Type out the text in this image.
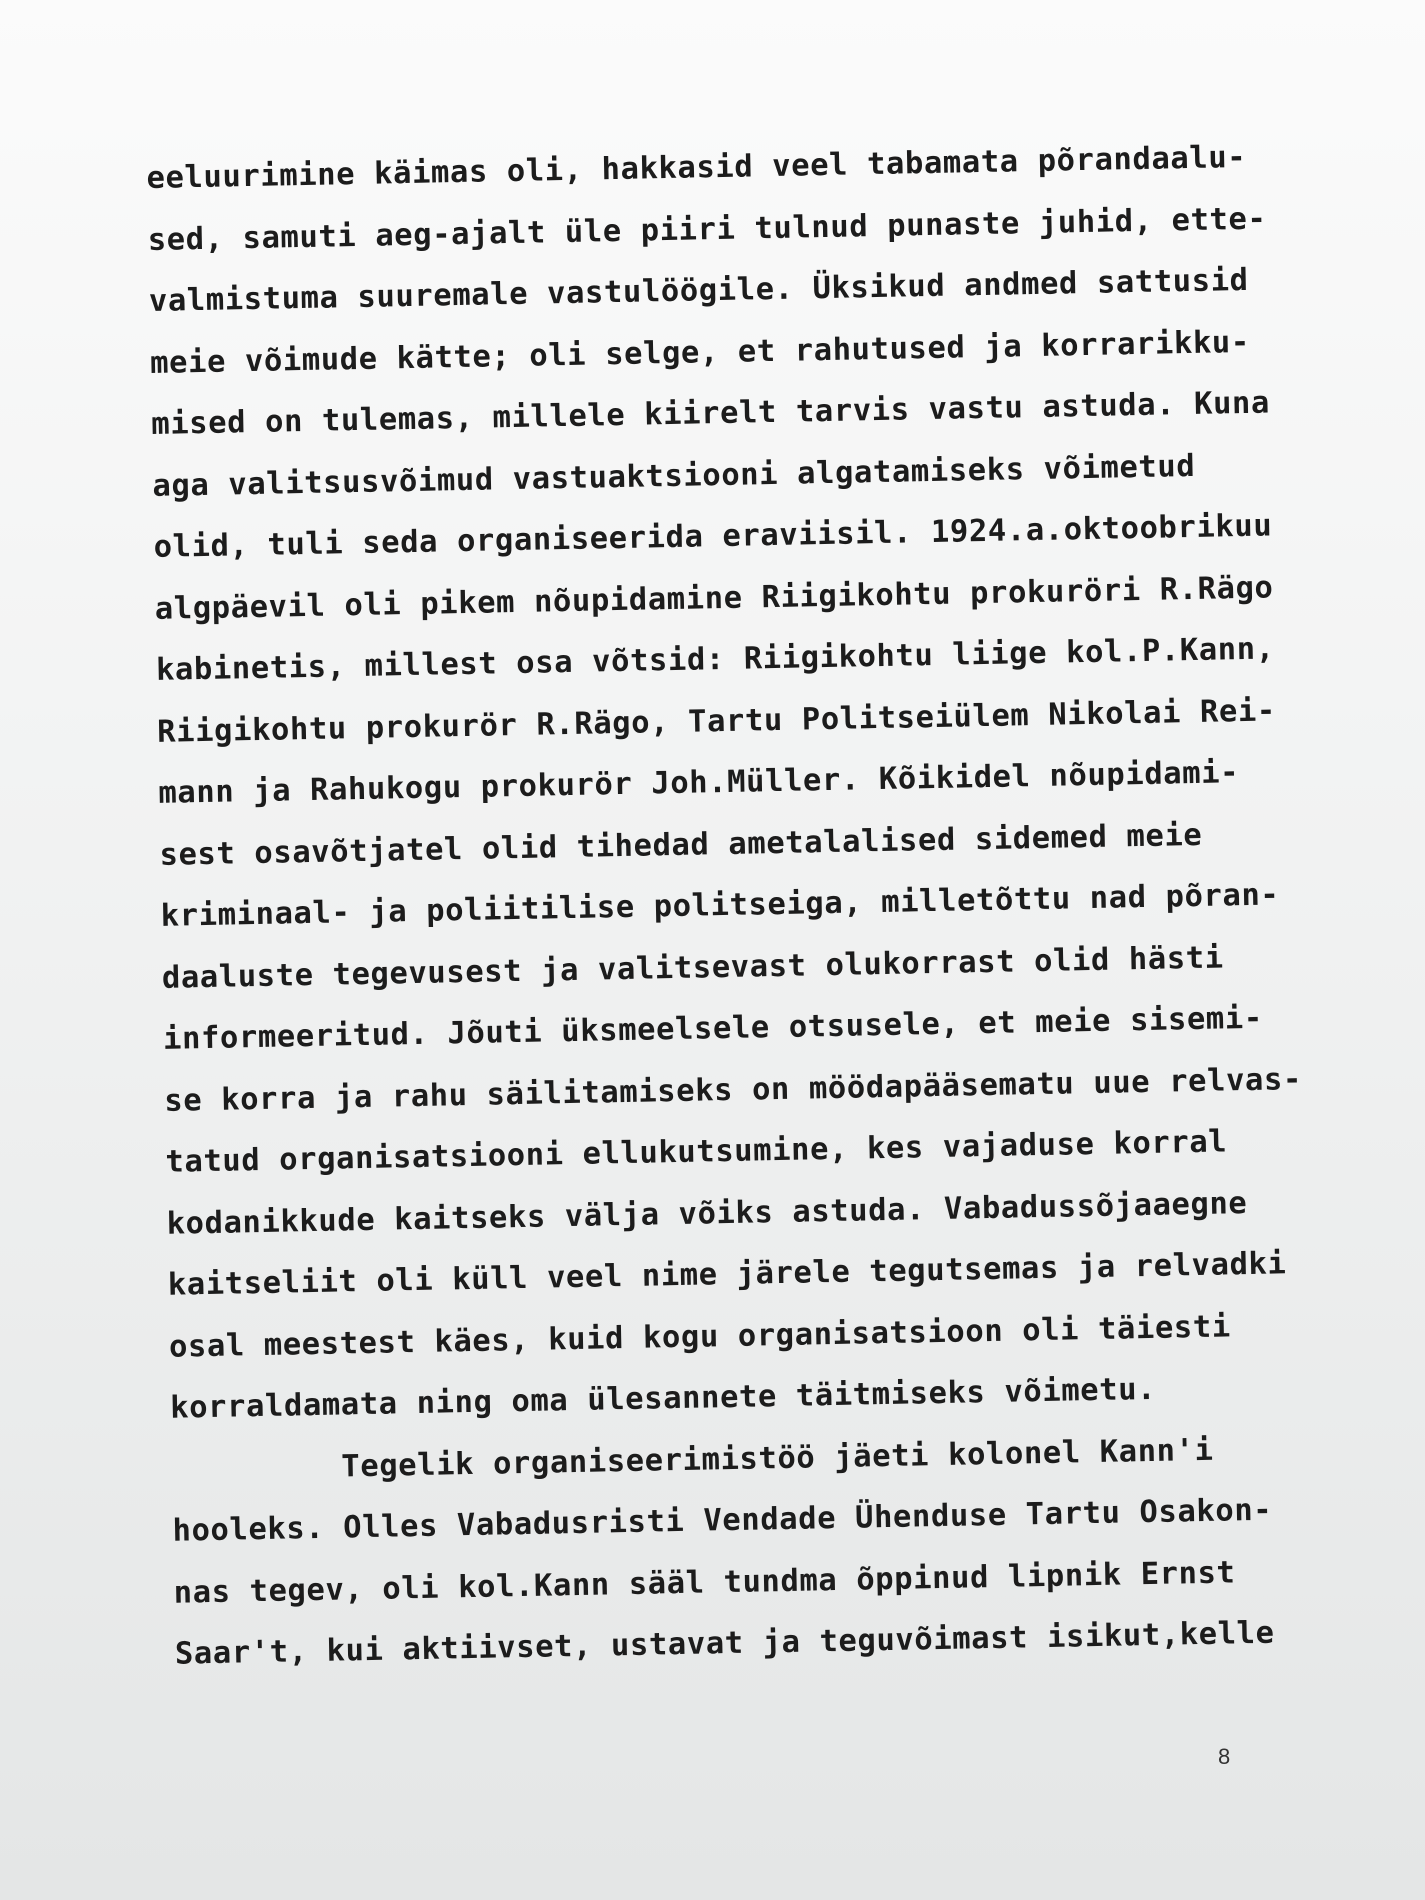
eeluurimine käimas oli, hakkasid veel tabamata põrandaalu-
sed, samuti aeg-ajalt üle piiri tulnud punaste juhid, ette-
valmistuma suuremale vastulöögile. Üksikud andmed sattusid
meie võimude kätte; oli selge, et rahutused ja korrarikku-
mised on tulemas, millele kiirelt tarvis vastu astuda. Kuna
aga valitsusvõimud vastuaktsiooni algatamiseks võimetud
olid, tuli seda organiseerida eraviisil. 1924.a.oktoobrikuu
algpäevil oli pikem nõupidamine Riigikohtu prokuröri R.Rägo
kabinetis, millest osa võtsid: Riigikohtu liige kol.P.Kann,
Riigikohtu prokurör R.Rägo, Tartu Politseiülem Nikolai Rei-
mann ja Rahukogu prokurör Joh.Müller. Kõikidel nõupidami-
sest osavõtjatel olid tihedad ametalalised sidemed meie
kriminaal- ja poliitilise politseiga, milletõttu nad põran-
daaluste tegevusest ja valitsevast olukorrast olid hästi
informeeritud. Jõuti üksmeelsele otsusele, et meie sisemi-
se korra ja rahu säilitamiseks on möödapääsematu uue relvas-
tatud organisatsiooni ellukutsumine, kes vajaduse korral
kodanikkude kaitseks välja võiks astuda. Vabadussõjaaegne
kaitseliit oli küll veel nime järele tegutsemas ja relvadki
osal meestest käes, kuid kogu organisatsioon oli täiesti
korraldamata ning oma ülesannete täitmiseks võimetu.
Tegelik organiseerimistöö jäeti kolonel Kann'i
hooleks. Olles Vabadusristi Vendade Ühenduse Tartu Osakon-
nas tegev, oli kol.Kann sääl tundma õppinud lipnik Ernst
Saar't, kui aktiivset, ustavat ja teguvõimast isikut,kelle
8
